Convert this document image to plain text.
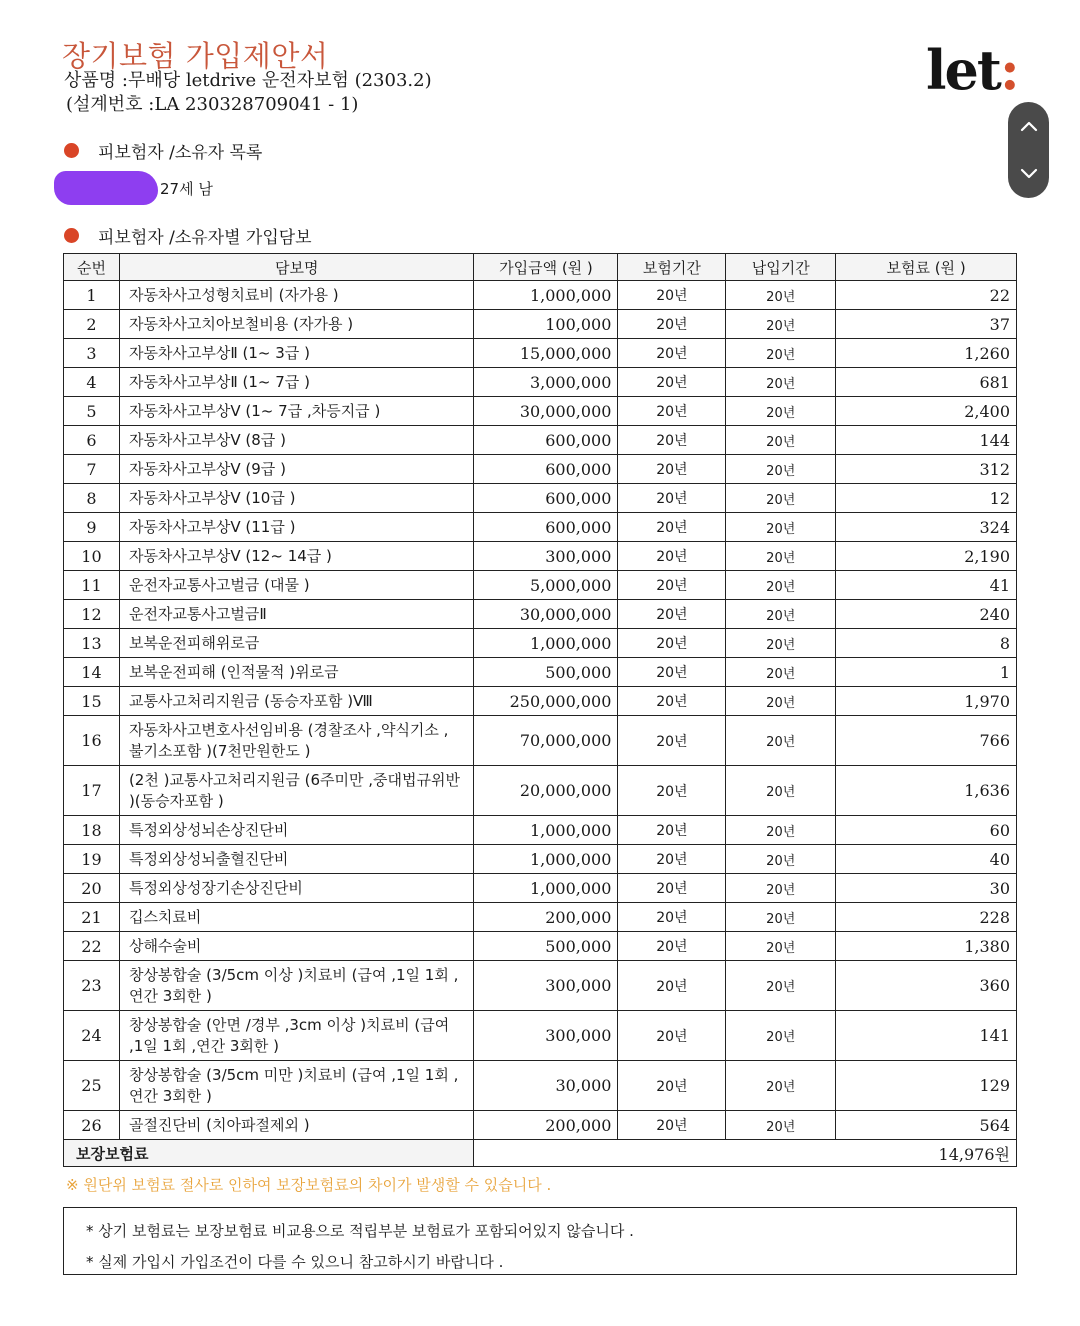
장기보험 가입제안서
상품명 :무배당 letdrive 운전자보험 (2303.2)
(설계번호 :LA 230328709041 - 1)
let:
피보험자 /소유자 목록
27세 남
피보험자 /소유자별 가입담보
순번	담보명	가입금액 (원 )	보험기간	납입기간	보험료 (원 )
1	자동차사고성형치료비 (자가용 )	1,000,000	20년	20년	22
2	자동차사고치아보철비용 (자가용 )	100,000	20년	20년	37
3	자동차사고부상Ⅱ (1~ 3급 )	15,000,000	20년	20년	1,260
4	자동차사고부상Ⅱ (1~ 7급 )	3,000,000	20년	20년	681
5	자동차사고부상Ⅴ (1~ 7급 ,차등지급 )	30,000,000	20년	20년	2,400
6	자동차사고부상Ⅴ (8급 )	600,000	20년	20년	144
7	자동차사고부상Ⅴ (9급 )	600,000	20년	20년	312
8	자동차사고부상Ⅴ (10급 )	600,000	20년	20년	12
9	자동차사고부상Ⅴ (11급 )	600,000	20년	20년	324
10	자동차사고부상Ⅴ (12~ 14급 )	300,000	20년	20년	2,190
11	운전자교통사고벌금 (대물 )	5,000,000	20년	20년	41
12	운전자교통사고벌금Ⅱ	30,000,000	20년	20년	240
13	보복운전피해위로금	1,000,000	20년	20년	8
14	보복운전피해 (인적물적 )위로금	500,000	20년	20년	1
15	교통사고처리지원금 (동승자포함 )Ⅷ	250,000,000	20년	20년	1,970
16	자동차사고변호사선임비용 (경찰조사 ,약식기소 , 불기소포함 )(7천만원한도 )	70,000,000	20년	20년	766
17	(2천 )교통사고처리지원금 (6주미만 ,중대법규위반 )(동승자포함 )	20,000,000	20년	20년	1,636
18	특정외상성뇌손상진단비	1,000,000	20년	20년	60
19	특정외상성뇌출혈진단비	1,000,000	20년	20년	40
20	특정외상성장기손상진단비	1,000,000	20년	20년	30
21	깁스치료비	200,000	20년	20년	228
22	상해수술비	500,000	20년	20년	1,380
23	창상봉합술 (3/5cm 이상 )치료비 (급여 ,1일 1회 ,연간 3회한 )	300,000	20년	20년	360
24	창상봉합술 (안면 /경부 ,3cm 이상 )치료비 (급여 ,1일 1회 ,연간 3회한 )	300,000	20년	20년	141
25	창상봉합술 (3/5cm 미만 )치료비 (급여 ,1일 1회 ,연간 3회한 )	30,000	20년	20년	129
26	골절진단비 (치아파절제외 )	200,000	20년	20년	564
보장보험료		14,976원			
※ 원단위 보험료 절사로 인하여 보장보험료의 차이가 발생할 수 있습니다 .
* 상기 보험료는 보장보험료 비교용으로 적립부분 보험료가 포함되어있지 않습니다 .
* 실제 가입시 가입조건이 다를 수 있으니 참고하시기 바랍니다 .
